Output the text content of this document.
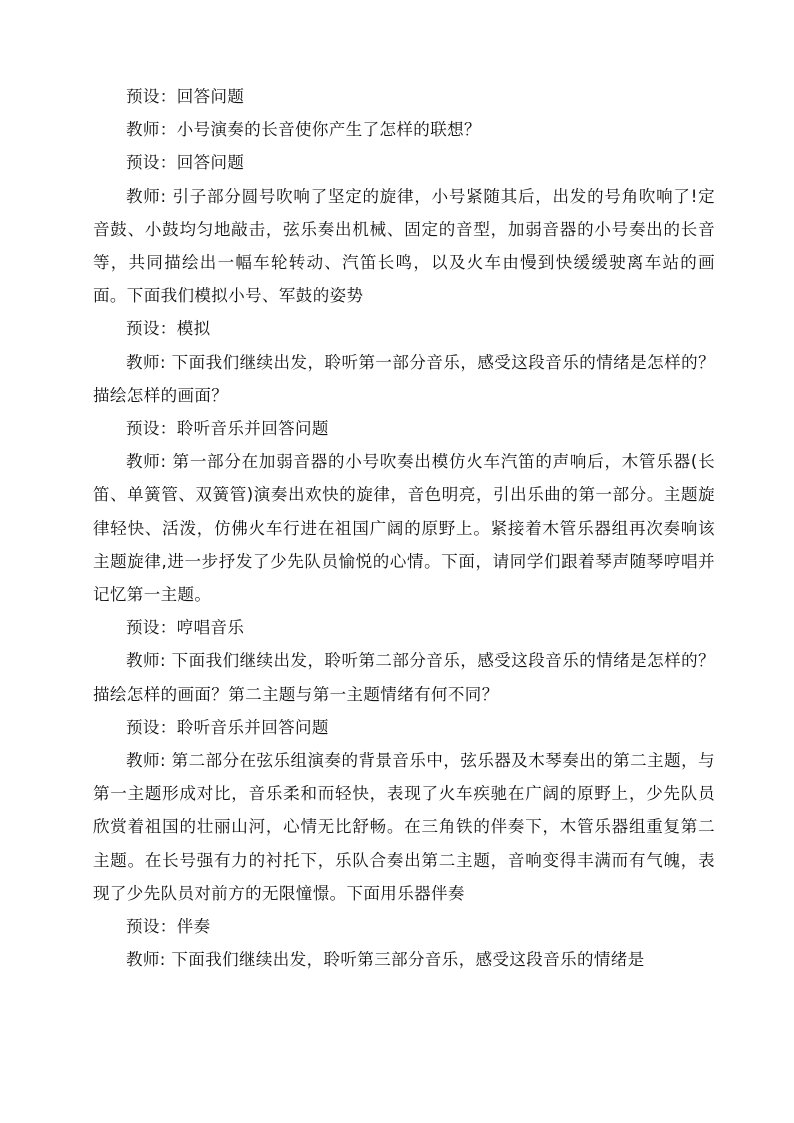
预设：回答问题

教师：小号演奏的长音使你产生了怎样的联想？

预设：回答问题

教师: 引子部分圆号吹响了坚定的旋律，小号紧随其后，出发的号角吹响了!定音鼓、小鼓均匀地敲击，弦乐奏出机械、固定的音型，加弱音器的小号奏出的长音等，共同描绘出一幅车轮转动、汽笛长鸣，以及火车由慢到快缓缓驶离车站的画面。下面我们模拟小号、军鼓的姿势

预设：模拟

教师: 下面我们继续出发，聆听第一部分音乐，感受这段音乐的情绪是怎样的？描绘怎样的画面？

预设：聆听音乐并回答问题

教师: 第一部分在加弱音器的小号吹奏出模仿火车汽笛的声响后，木管乐器(长笛、单簧管、双簧管)演奏出欢快的旋律，音色明亮，引出乐曲的第一部分。主题旋律轻快、活泼，仿佛火车行进在祖国广阔的原野上。紧接着木管乐器组再次奏响该主题旋律,进一步抒发了少先队员愉悦的心情。下面，请同学们跟着琴声随琴哼唱并记忆第一主题。

预设：哼唱音乐

教师: 下面我们继续出发，聆听第二部分音乐，感受这段音乐的情绪是怎样的？描绘怎样的画面？第二主题与第一主题情绪有何不同？

预设：聆听音乐并回答问题

教师: 第二部分在弦乐组演奏的背景音乐中，弦乐器及木琴奏出的第二主题，与第一主题形成对比，音乐柔和而轻快，表现了火车疾驰在广阔的原野上，少先队员欣赏着祖国的壮丽山河，心情无比舒畅。在三角铁的伴奏下，木管乐器组重复第二主题。在长号强有力的衬托下，乐队合奏出第二主题，音响变得丰满而有气魄，表现了少先队员对前方的无限憧憬。下面用乐器伴奏

预设：伴奏

教师: 下面我们继续出发，聆听第三部分音乐，感受这段音乐的情绪是
